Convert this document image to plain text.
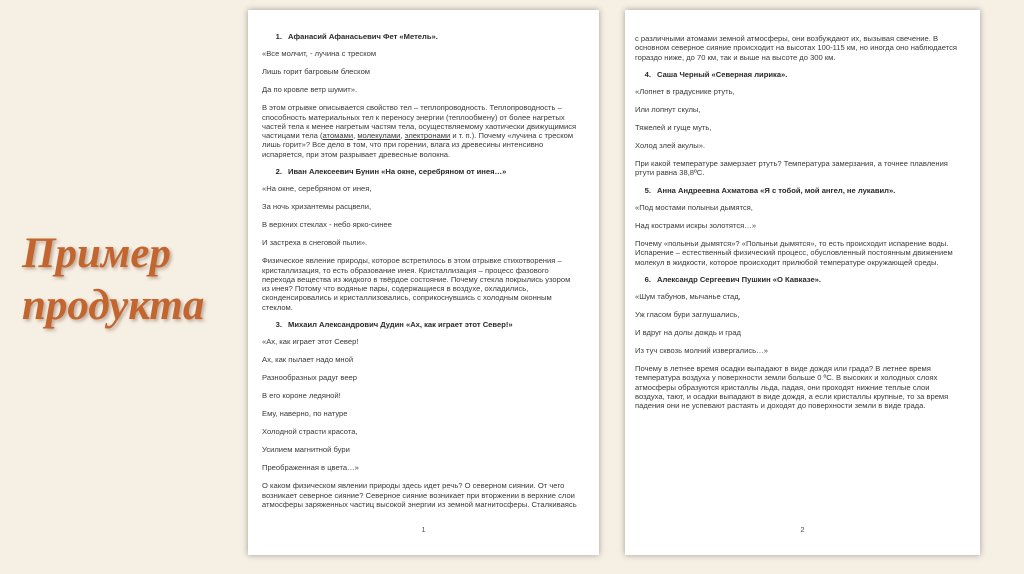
Пример
продукта
1. Афанасий Афанасьевич Фет «Метель».

«Все молчит, - лучина с треском

Лишь горит багровым блеском

Да по кровле ветр шумит».

В этом отрывке описывается свойство тел – теплопроводность. Теплопроводность – способность материальных тел к переносу энергии (теплообмену) от более нагретых частей тела к менее нагретым частям тела, осуществляемому хаотически движущимися частицами тела (атомами, молекулами, электронами и т. п.). Почему «лучина с треском лишь горит»? Все дело в том, что при горении, влага из древесины интенсивно испаряется, при этом разрывает древесные волокна.

2. Иван Алексеевич Бунин «На окне, серебряном от инея…»

«На окне, серебряном от инея,

За ночь хризантемы расцвели,

В верхних стеклах - небо ярко-синее

И застреха в снеговой пыли».

Физическое явление природы, которое встретилось в этом отрывке стихотворения – кристаллизация, то есть образование инея. Кристаллизация – процесс фазового перехода вещества из жидкого в твёрдое состояние. Почему стекла покрылись узором из инея? Потому что водяные пары, содержащиеся в воздухе, охладились, сконденсировались и кристаллизовались, соприкоснувшись с холодным оконным стеклом.

3. Михаил Александрович Дудин «Ах, как играет этот Север!»

«Ах, как играет этот Север!

Ах, как пылает надо мной

Разнообразных радуг веер

В его короне ледяной!

Ему, наверно, по натуре

Холодной страсти красота,

Усилием магнитной бури

Преображенная в цвета…»

О каком физическом явлении природы здесь идет речь? О северном сиянии. От чего возникает северное сияние? Северное сияние возникает при вторжении в верхние слои атмосферы заряженных частиц высокой энергии из земной магнитосферы. Сталкиваясь

1

с различными атомами земной атмосферы, они возбуждают их, вызывая свечение. В основном северное сияние происходит на высотах 100-115 км, но иногда оно наблюдается гораздо ниже, до 70 км, так и выше на высоте до 300 км.

4. Саша Черный «Северная лирика».

«Лопнет в градуснике ртуть,

Или лопнут скулы,

Тяжелей и гуще муть,

Холод злей акулы».

При какой температуре замерзает ртуть? Температура замерзания, а точнее плавления ртути равна 38,8ºС.

5. Анна Андреевна Ахматова «Я с тобой, мой ангел, не лукавил».

«Под мостами полыньи дымятся,

Над кострами искры золотятся…»

Почему «полыньи дымятся»? «Полыньи дымятся», то есть происходит испарение воды. Испарение – естественный физический процесс, обусловленный постоянным движением молекул в жидкости, которое происходит прилюбой температуре окружающей среды.

6. Александр Сергеевич Пушкин «О Кавказе».

«Шум табунов, мычанье стад,

Уж гласом бури заглушались,

И вдруг на долы дождь и град

Из туч сквозь молний извергались…»

Почему в летнее время осадки выпадают в виде дождя или града? В летнее время температура воздуха у поверхности земли больше 0 ºС. В высоких и холодных слоях атмосферы образуются кристаллы льда, падая, они проходят нижние теплые слои воздуха, тают, и осадки выпадают в виде дождя, а если кристаллы крупные, то за время падения они не успевают растаять и доходят до поверхности земли в виде града.

2
